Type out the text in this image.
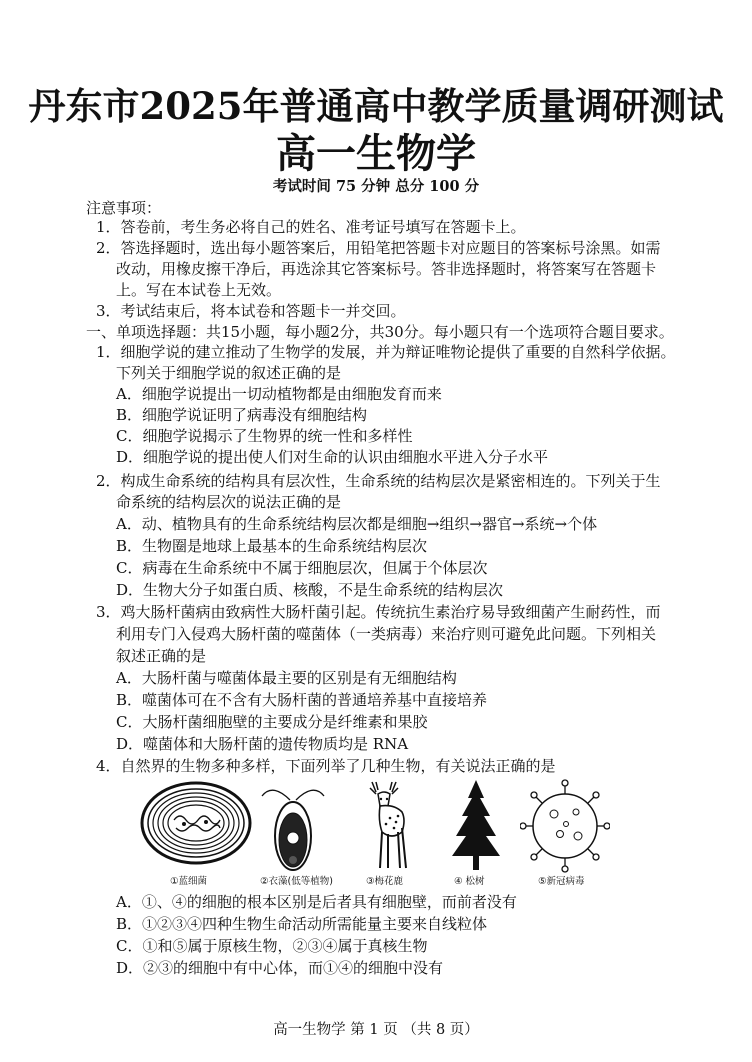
丹东市2025年普通高中教学质量调研测试
高一生物学
考试时间 75 分钟 总分 100 分
注意事项：
1．答卷前，考生务必将自己的姓名、准考证号填写在答题卡上。
2．答选择题时，选出每小题答案后，用铅笔把答题卡对应题目的答案标号涂黑。如需
改动，用橡皮擦干净后，再选涂其它答案标号。答非选择题时，将答案写在答题卡
上。写在本试卷上无效。
3．考试结束后，将本试卷和答题卡一并交回。
一、单项选择题：共15小题，每小题2分，共30分。每小题只有一个选项符合题目要求。
1．细胞学说的建立推动了生物学的发展，并为辩证唯物论提供了重要的自然科学依据。
下列关于细胞学说的叙述正确的是
A．细胞学说提出一切动植物都是由细胞发育而来
B．细胞学说证明了病毒没有细胞结构
C．细胞学说揭示了生物界的统一性和多样性
D．细胞学说的提出使人们对生命的认识由细胞水平进入分子水平
2．构成生命系统的结构具有层次性，生命系统的结构层次是紧密相连的。下列关于生
命系统的结构层次的说法正确的是
A．动、植物具有的生命系统结构层次都是细胞→组织→器官→系统→个体
B．生物圈是地球上最基本的生命系统结构层次
C．病毒在生命系统中不属于细胞层次，但属于个体层次
D．生物大分子如蛋白质、核酸，不是生命系统的结构层次
3．鸡大肠杆菌病由致病性大肠杆菌引起。传统抗生素治疗易导致细菌产生耐药性，而
利用专门入侵鸡大肠杆菌的噬菌体（一类病毒）来治疗则可避免此问题。下列相关
叙述正确的是
A．大肠杆菌与噬菌体最主要的区别是有无细胞结构
B．噬菌体可在不含有大肠杆菌的普通培养基中直接培养
C．大肠杆菌细胞壁的主要成分是纤维素和果胶
D．噬菌体和大肠杆菌的遗传物质均是 RNA
4．自然界的生物多种多样，下面列举了几种生物，有关说法正确的是
①蓝细菌	②衣藻(低等植物)	③梅花鹿	④ 松树	⑤新冠病毒
A．①、④的细胞的根本区别是后者具有细胞壁，而前者没有
B．①②③④四种生物生命活动所需能量主要来自线粒体
C．①和⑤属于原核生物，②③④属于真核生物
D．②③的细胞中有中心体，而①④的细胞中没有
高一生物学 第 1 页 （共 8 页）
